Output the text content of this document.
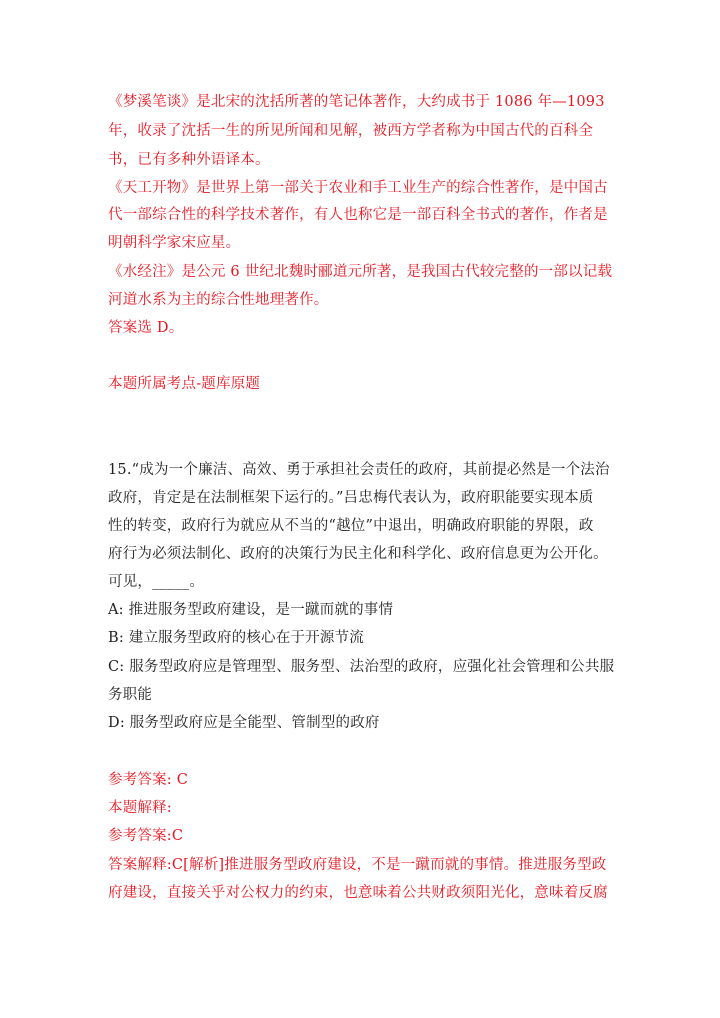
《梦溪笔谈》是北宋的沈括所著的笔记体著作，大约成书于 1086 年—1093
年，收录了沈括一生的所见所闻和见解，被西方学者称为中国古代的百科全
书，已有多种外语译本。
《天工开物》是世界上第一部关于农业和手工业生产的综合性著作，是中国古
代一部综合性的科学技术著作，有人也称它是一部百科全书式的著作，作者是
明朝科学家宋应星。
《水经注》是公元 6 世纪北魏时郦道元所著，是我国古代较完整的一部以记载
河道水系为主的综合性地理著作。
答案选 D。
本题所属考点-题库原题
15.“成为一个廉洁、高效、勇于承担社会责任的政府，其前提必然是一个法治
政府，肯定是在法制框架下运行的。”吕忠梅代表认为，政府职能要实现本质
性的转变，政府行为就应从不当的“越位”中退出，明确政府职能的界限，政
府行为必须法制化、政府的决策行为民主化和科学化、政府信息更为公开化。
可见，_____。
A: 推进服务型政府建设，是一蹴而就的事情
B: 建立服务型政府的核心在于开源节流
C: 服务型政府应是管理型、服务型、法治型的政府，应强化社会管理和公共服
务职能
D: 服务型政府应是全能型、管制型的政府
参考答案: C
本题解释:
参考答案:C
答案解释:C[解析]推进服务型政府建设，不是一蹴而就的事情。推进服务型政
府建设，直接关乎对公权力的约束，也意味着公共财政须阳光化，意味着反腐
